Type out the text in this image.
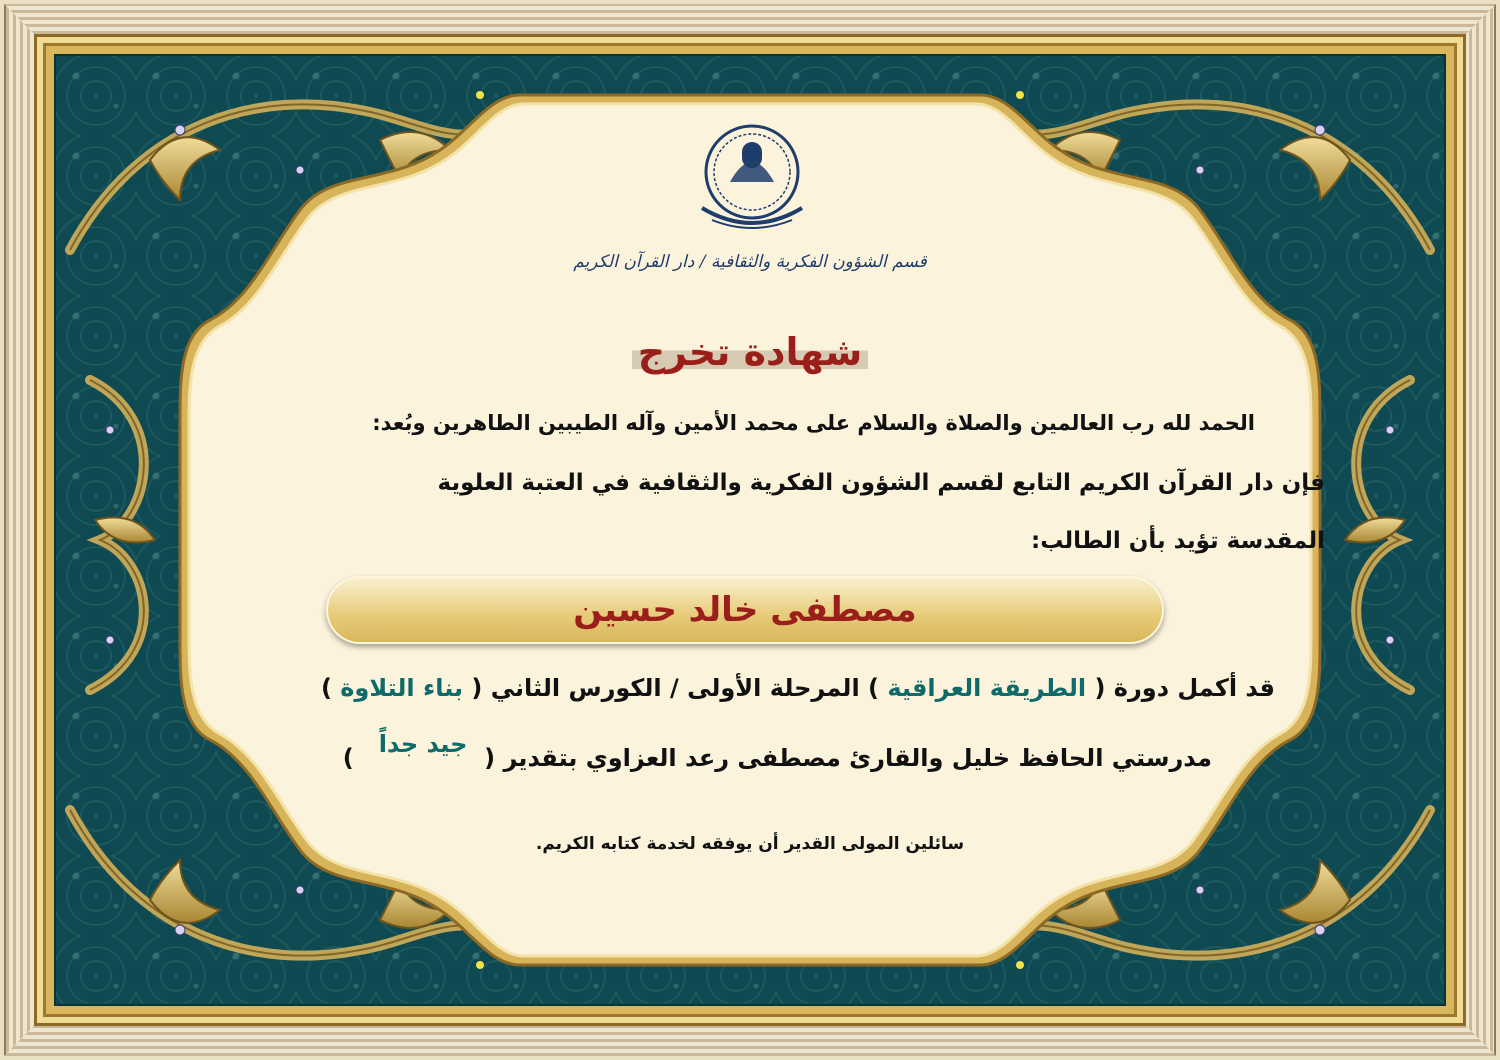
قسم الشؤون الفكرية والثقافية / دار القرآن الكريم
شهادة تخرج
الحمد لله رب العالمين والصلاة والسلام على محمد الأمين وآله الطيبين الطاهرين وبُعد:
فإن دار القرآن الكريم التابع لقسم الشؤون الفكرية والثقافية في العتبة العلوية
المقدسة تؤيد بأن الطالب:
مصطفى خالد حسين
قد أكمل دورة ( الطريقة العراقية ) المرحلة الأولى / الكورس الثاني ( بناء التلاوة )
مدرستي الحافظ خليل والقارئ مصطفى رعد العزاوي بتقدير (  جيد جداً   )
سائلين المولى القدير أن يوفقه لخدمة كتابه الكريم.
